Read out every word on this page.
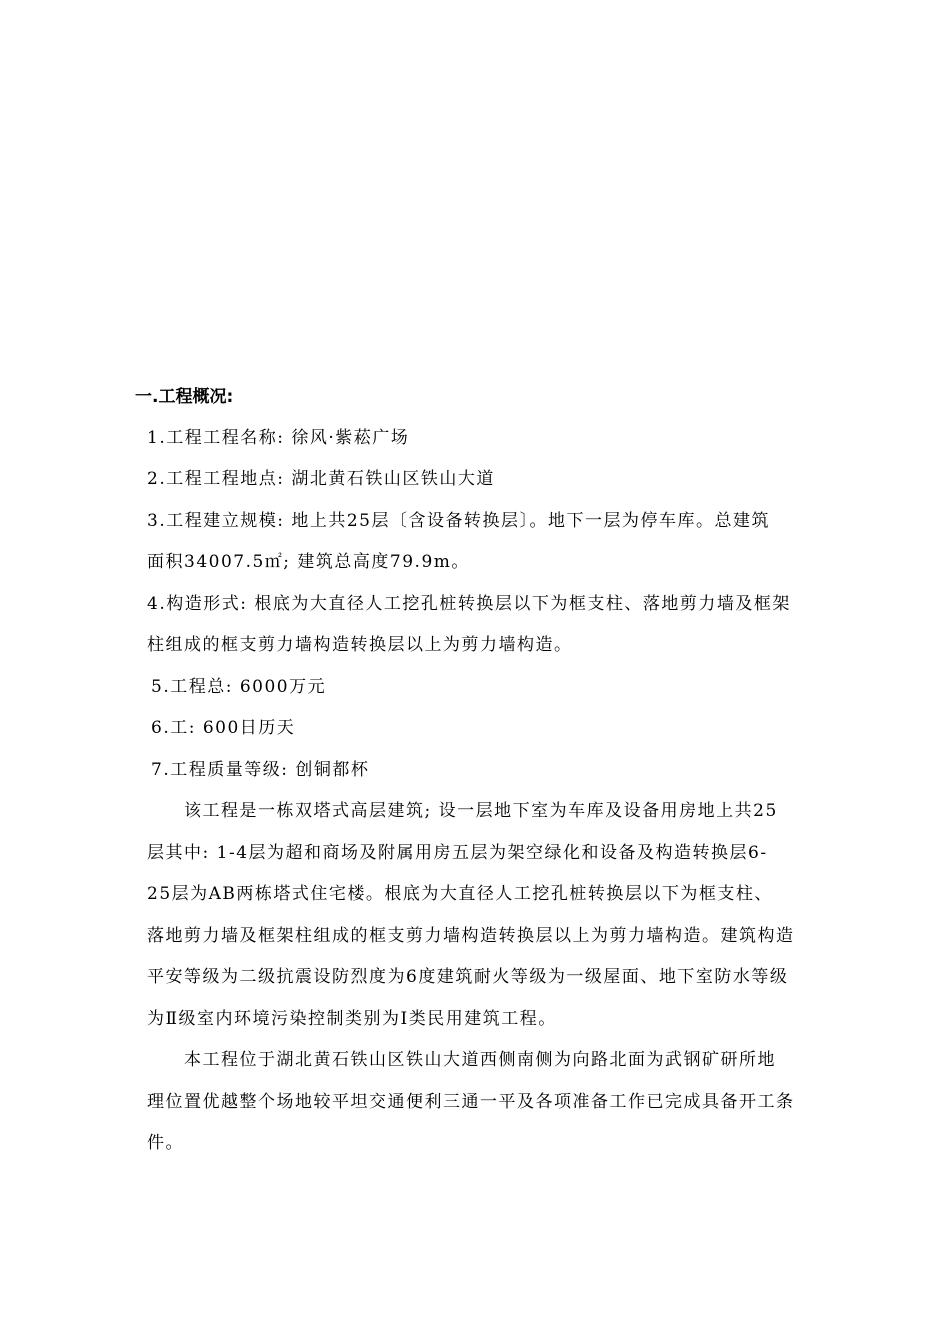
一.工程概况:
1.工程工程名称: 徐风·紫菘广场
2.工程工程地点: 湖北黄石铁山区铁山大道
3.工程建立规模: 地上共25层〔含设备转换层〕。地下一层为停车库。总建筑
面积34007.5㎡; 建筑总高度79.9m。
4.构造形式: 根底为大直径人工挖孔桩转换层以下为框支柱、落地剪力墙及框架
柱组成的框支剪力墙构造转换层以上为剪力墙构造。
5.工程总: 6000万元
6.工: 600日历天
7.工程质量等级: 创铜都杯
该工程是一栋双塔式高层建筑; 设一层地下室为车库及设备用房地上共25
层其中: 1-4层为超和商场及附属用房五层为架空绿化和设备及构造转换层6-
25层为AB两栋塔式住宅楼。根底为大直径人工挖孔桩转换层以下为框支柱、
落地剪力墙及框架柱组成的框支剪力墙构造转换层以上为剪力墙构造。建筑构造
平安等级为二级抗震设防烈度为6度建筑耐火等级为一级屋面、地下室防水等级
为Ⅱ级室内环境污染控制类别为Ⅰ类民用建筑工程。
本工程位于湖北黄石铁山区铁山大道西侧南侧为向路北面为武钢矿研所地
理位置优越整个场地较平坦交通便利三通一平及各项准备工作已完成具备开工条
件。
